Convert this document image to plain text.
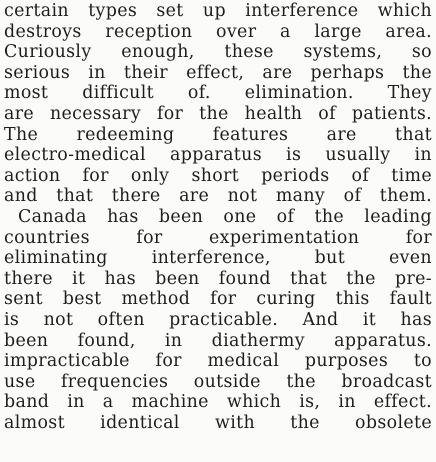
certain types set up interference which
destroys reception over a large area.
Curiously enough, these systems, so
serious in their effect, are perhaps the
most difficult of. elimination. They
are necessary for the health of patients.
The redeeming features are that
electro-medical apparatus is usually in
action for only short periods of time
and that there are not many of them.
Canada has been one of the leading
countries for experimentation for
eliminating interference, but even
there it has been found that the pre-
sent best method for curing this fault
is not often practicable. And it has
been found, in diathermy apparatus.
impracticable for medical purposes to
use frequencies outside the broadcast
band in a machine which is, in effect.
almost identical with the obsolete
